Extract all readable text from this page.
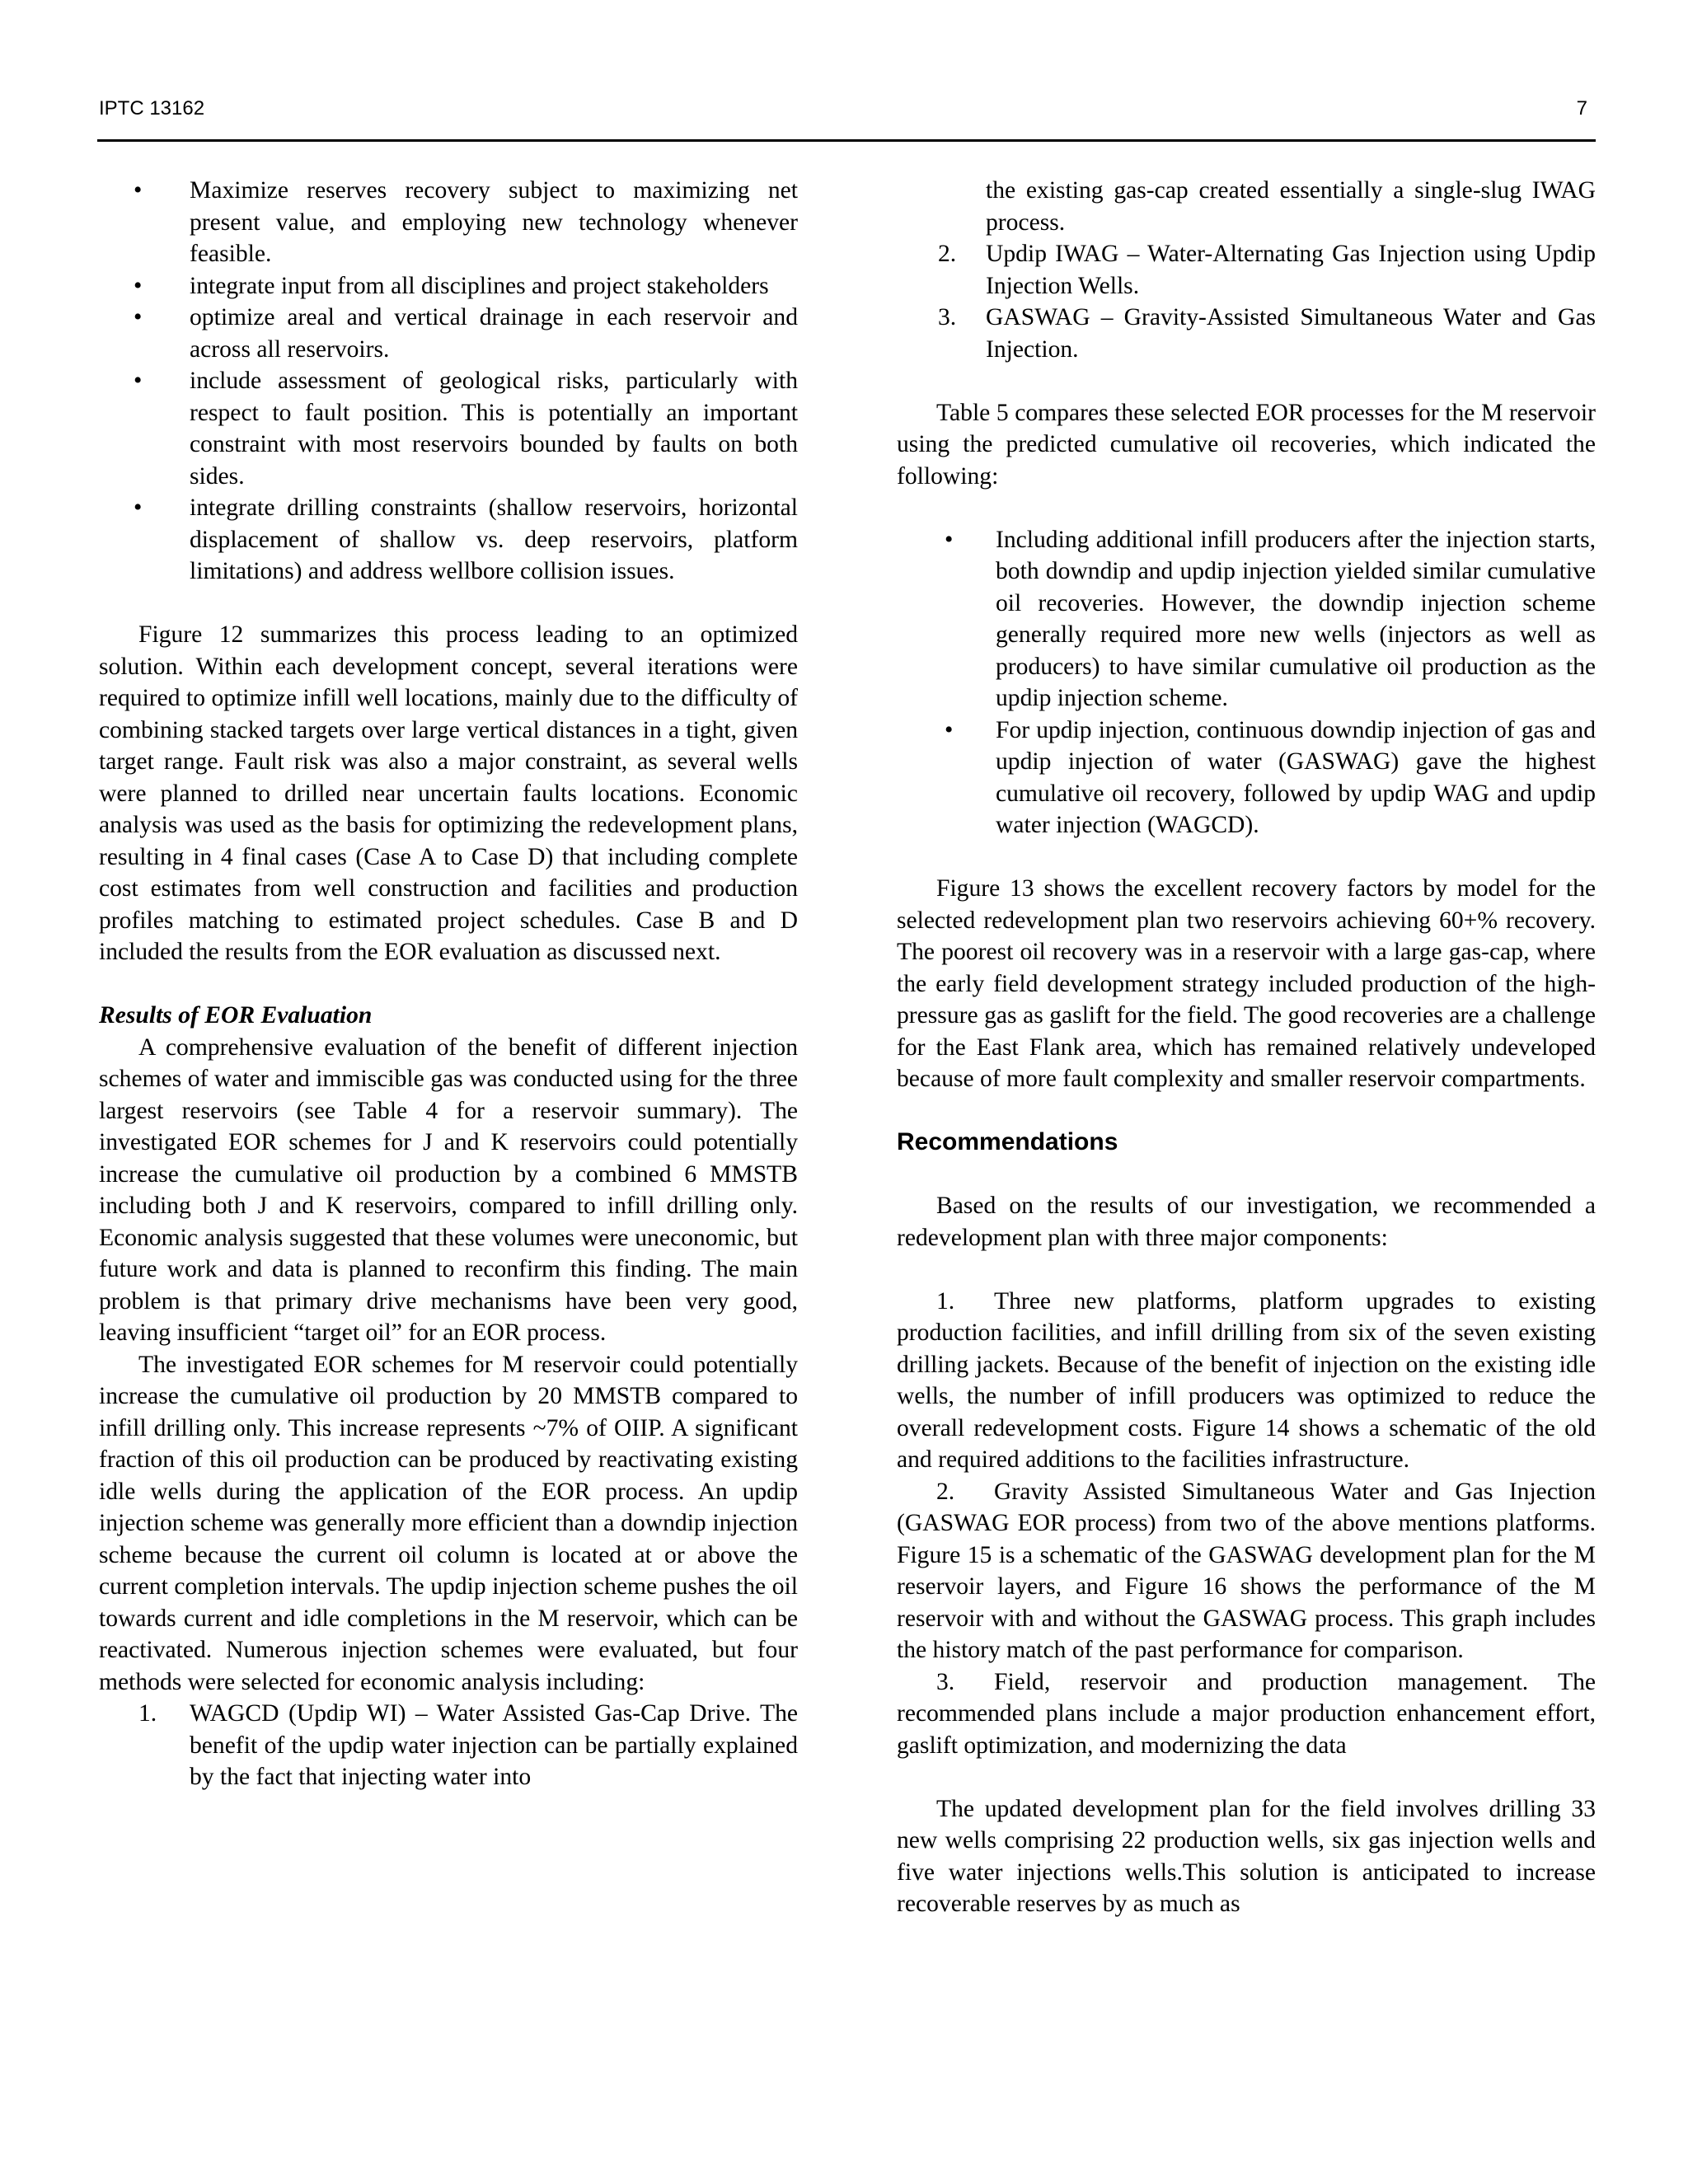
IPTC 13162	7
• Maximize reserves recovery subject to maximizing net present value, and employing new technology whenever feasible.
• integrate input from all disciplines and project stakeholders
• optimize areal and vertical drainage in each reservoir and across all reservoirs.
• include assessment of geological risks, particularly with respect to fault position. This is potentially an important constraint with most reservoirs bounded by faults on both sides.
• integrate drilling constraints (shallow reservoirs, horizontal displacement of shallow vs. deep reservoirs, platform limitations) and address wellbore collision issues.

Figure 12 summarizes this process leading to an optimized solution. Within each development concept, several iterations were required to optimize infill well locations, mainly due to the difficulty of combining stacked targets over large vertical distances in a tight, given target range. Fault risk was also a major constraint, as several wells were planned to drilled near uncertain faults locations. Economic analysis was used as the basis for optimizing the redevelopment plans, resulting in 4 final cases (Case A to Case D) that including complete cost estimates from well construction and facilities and production profiles matching to estimated project schedules. Case B and D included the results from the EOR evaluation as discussed next.

Results of EOR Evaluation

A comprehensive evaluation of the benefit of different injection schemes of water and immiscible gas was conducted using for the three largest reservoirs (see Table 4 for a reservoir summary). The investigated EOR schemes for J and K reservoirs could potentially increase the cumulative oil production by a combined 6 MMSTB including both J and K reservoirs, compared to infill drilling only. Economic analysis suggested that these volumes were uneconomic, but future work and data is planned to reconfirm this finding. The main problem is that primary drive mechanisms have been very good, leaving insufficient “target oil” for an EOR process.

The investigated EOR schemes for M reservoir could potentially increase the cumulative oil production by 20 MMSTB compared to infill drilling only. This increase represents ~7% of OIIP. A significant fraction of this oil production can be produced by reactivating existing idle wells during the application of the EOR process. An updip injection scheme was generally more efficient than a downdip injection scheme because the current oil column is located at or above the current completion intervals. The updip injection scheme pushes the oil towards current and idle completions in the M reservoir, which can be reactivated. Numerous injection schemes were evaluated, but four methods were selected for economic analysis including:

1. WAGCD (Updip WI) – Water Assisted Gas-Cap Drive. The benefit of the updip water injection can be partially explained by the fact that injecting water into
the existing gas-cap created essentially a single-slug IWAG process.
2. Updip IWAG – Water-Alternating Gas Injection using Updip Injection Wells.
3. GASWAG – Gravity-Assisted Simultaneous Water and Gas Injection.

Table 5 compares these selected EOR processes for the M reservoir using the predicted cumulative oil recoveries, which indicated the following:

• Including additional infill producers after the injection starts, both downdip and updip injection yielded similar cumulative oil recoveries. However, the downdip injection scheme generally required more new wells (injectors as well as producers) to have similar cumulative oil production as the updip injection scheme.
• For updip injection, continuous downdip injection of gas and updip injection of water (GASWAG) gave the highest cumulative oil recovery, followed by updip WAG and updip water injection (WAGCD).

Figure 13 shows the excellent recovery factors by model for the selected redevelopment plan two reservoirs achieving 60+% recovery. The poorest oil recovery was in a reservoir with a large gas-cap, where the early field development strategy included production of the high-pressure gas as gaslift for the field. The good recoveries are a challenge for the East Flank area, which has remained relatively undeveloped because of more fault complexity and smaller reservoir compartments.

Recommendations

Based on the results of our investigation, we recommended a redevelopment plan with three major components:

1. Three new platforms, platform upgrades to existing production facilities, and infill drilling from six of the seven existing drilling jackets. Because of the benefit of injection on the existing idle wells, the number of infill producers was optimized to reduce the overall redevelopment costs. Figure 14 shows a schematic of the old and required additions to the facilities infrastructure.

2. Gravity Assisted Simultaneous Water and Gas Injection (GASWAG EOR process) from two of the above mentions platforms. Figure 15 is a schematic of the GASWAG development plan for the M reservoir layers, and Figure 16 shows the performance of the M reservoir with and without the GASWAG process. This graph includes the history match of the past performance for comparison.

3. Field, reservoir and production management. The recommended plans include a major production enhancement effort, gaslift optimization, and modernizing the data

The updated development plan for the field involves drilling 33 new wells comprising 22 production wells, six gas injection wells and five water injections wells.This solution is anticipated to increase recoverable reserves by as much as
